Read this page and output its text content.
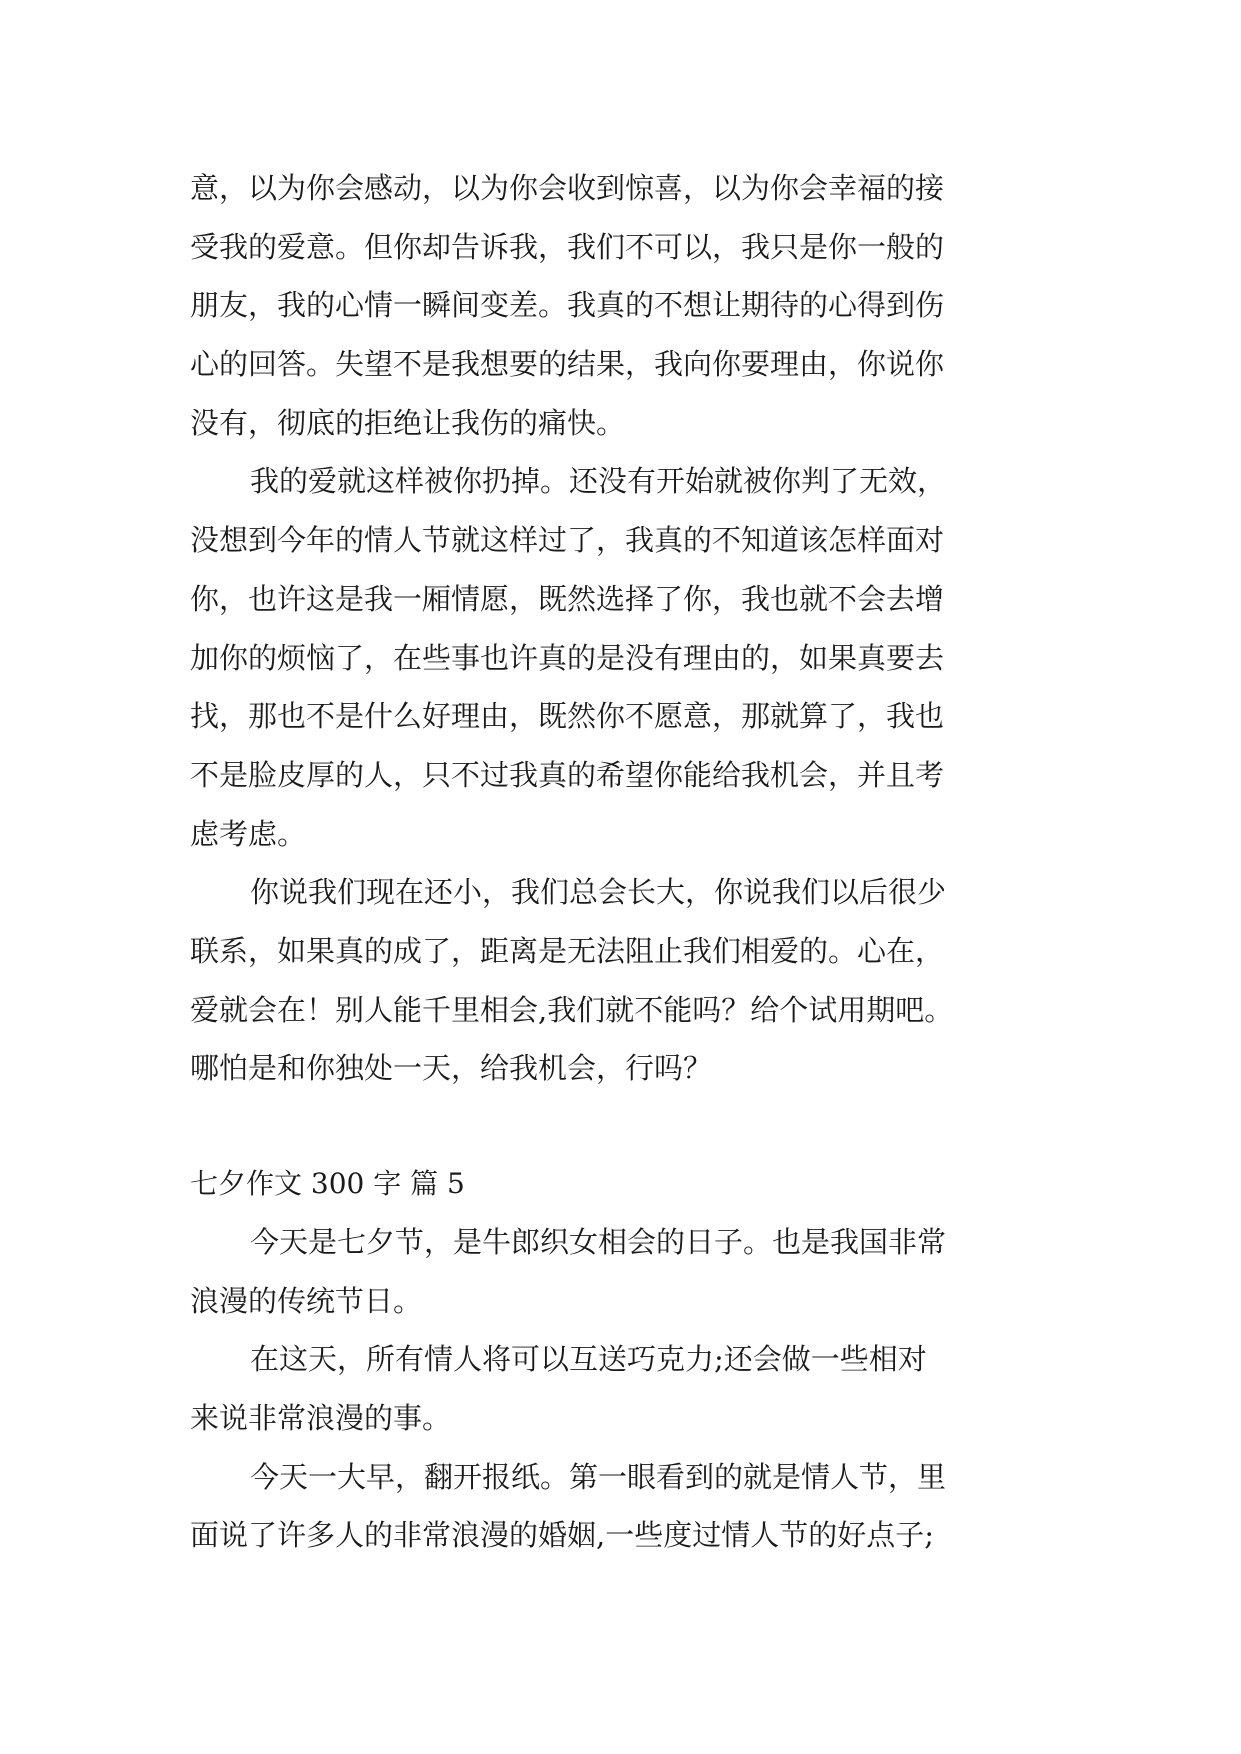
意，以为你会感动，以为你会收到惊喜，以为你会幸福的接
受我的爱意。但你却告诉我，我们不可以，我只是你一般的
朋友，我的心情一瞬间变差。我真的不想让期待的心得到伤
心的回答。失望不是我想要的结果，我向你要理由，你说你
没有，彻底的拒绝让我伤的痛快。
我的爱就这样被你扔掉。还没有开始就被你判了无效，
没想到今年的情人节就这样过了，我真的不知道该怎样面对
你，也许这是我一厢情愿，既然选择了你，我也就不会去增
加你的烦恼了，在些事也许真的是没有理由的，如果真要去
找，那也不是什么好理由，既然你不愿意，那就算了，我也
不是脸皮厚的人，只不过我真的希望你能给我机会，并且考
虑考虑。
你说我们现在还小，我们总会长大，你说我们以后很少
联系，如果真的成了，距离是无法阻止我们相爱的。心在，
爱就会在！别人能千里相会,我们就不能吗？给个试用期吧。
哪怕是和你独处一天，给我机会，行吗？
七夕作文 300 字 篇 5
今天是七夕节，是牛郎织女相会的日子。也是我国非常
浪漫的传统节日。
在这天，所有情人将可以互送巧克力;还会做一些相对
来说非常浪漫的事。
今天一大早，翻开报纸。第一眼看到的就是情人节，里
面说了许多人的非常浪漫的婚姻,一些度过情人节的好点子;
